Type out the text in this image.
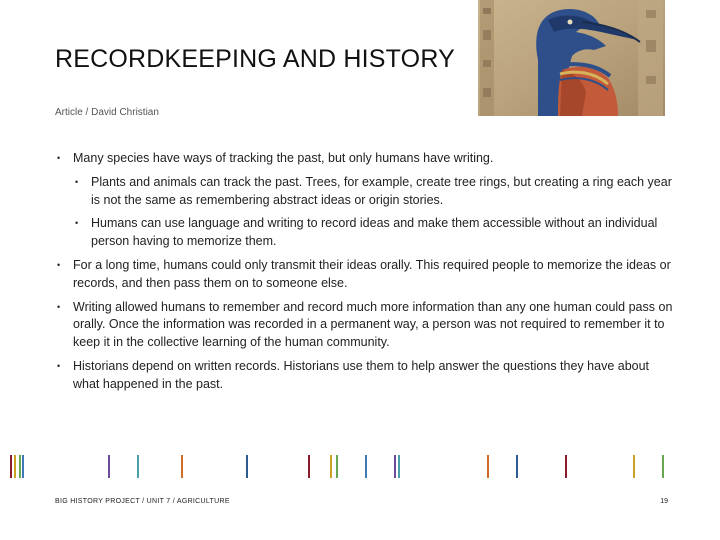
RECORDKEEPING AND HISTORY
Article / David Christian
• Many species have ways of tracking the past, but only humans have writing.
• Plants and animals can track the past. Trees, for example, create tree rings, but creating a ring each year is not the same as remembering abstract ideas or origin stories.
• Humans can use language and writing to record ideas and make them accessible without an individual person having to memorize them.
• For a long time, humans could only transmit their ideas orally. This required people to memorize the ideas or records, and then pass them on to someone else.
• Writing allowed humans to remember and record much more information than any one human could pass on orally. Once the information was recorded in a permanent way, a person was not required to remember it to keep it in the collective learning of the human community.
• Historians depend on written records. Historians use them to help answer the questions they have about what happened in the past.
BIG HISTORY PROJECT / UNIT 7 / AGRICULTURE	19
